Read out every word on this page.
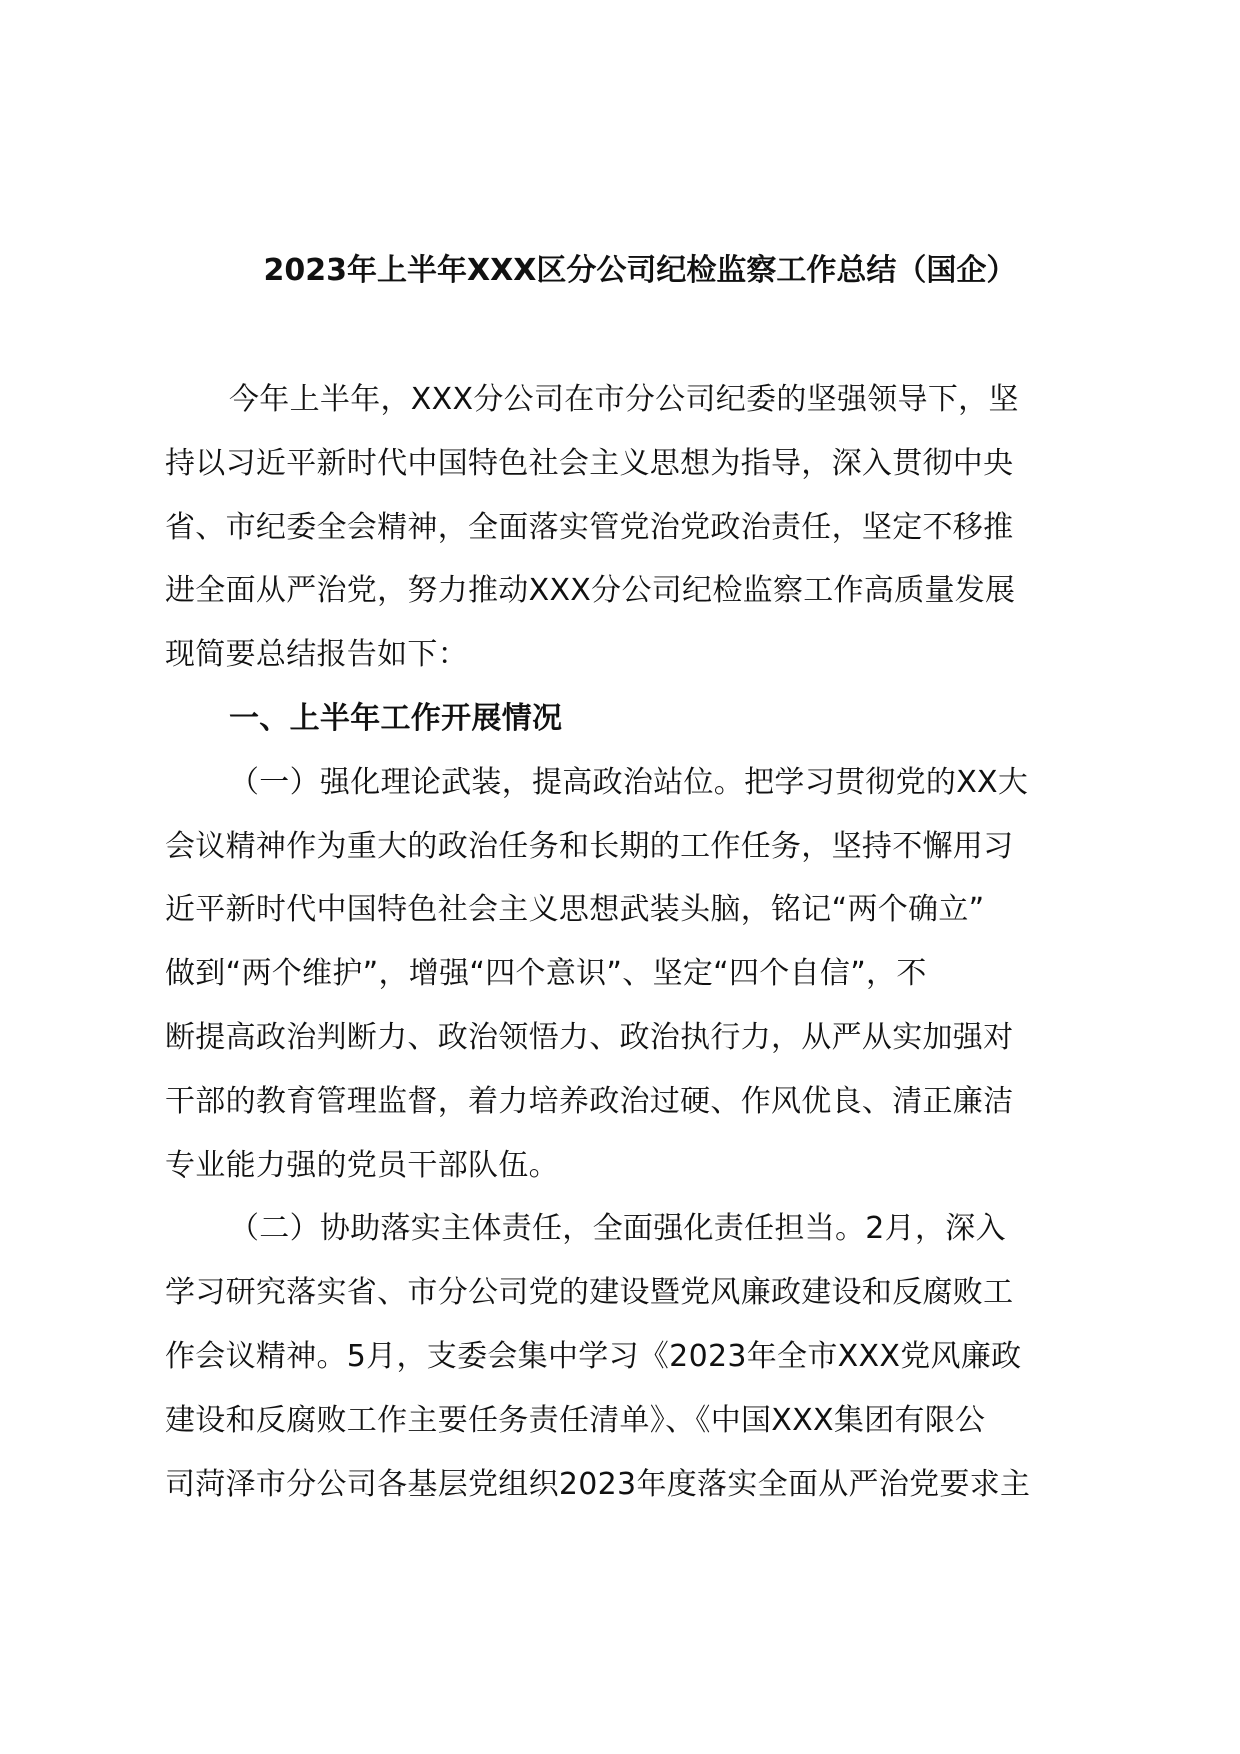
2023年上半年XXX区分公司纪检监察工作总结（国企）
今年上半年，XXX分公司在市分公司纪委的坚强领导下，坚
持以习近平新时代中国特色社会主义思想为指导，深入贯彻中央
省、市纪委全会精神，全面落实管党治党政治责任，坚定不移推
进全面从严治党，努力推动XXX分公司纪检监察工作高质量发展
现简要总结报告如下：
一、上半年工作开展情况
（一）强化理论武装，提高政治站位。把学习贯彻党的XX大
会议精神作为重大的政治任务和长期的工作任务，坚持不懈用习
近平新时代中国特色社会主义思想武装头脑，铭记“两个确立”
做到“两个维护”，增强“四个意识”、坚定“四个自信”，不
断提高政治判断力、政治领悟力、政治执行力，从严从实加强对
干部的教育管理监督，着力培养政治过硬、作风优良、清正廉洁
专业能力强的党员干部队伍。
（二）协助落实主体责任，全面强化责任担当。2月，深入
学习研究落实省、市分公司党的建设暨党风廉政建设和反腐败工
作会议精神。5月，支委会集中学习《2023年全市XXX党风廉政
建设和反腐败工作主要任务责任清单》、《中国XXX集团有限公
司菏泽市分公司各基层党组织2023年度落实全面从严治党要求主
